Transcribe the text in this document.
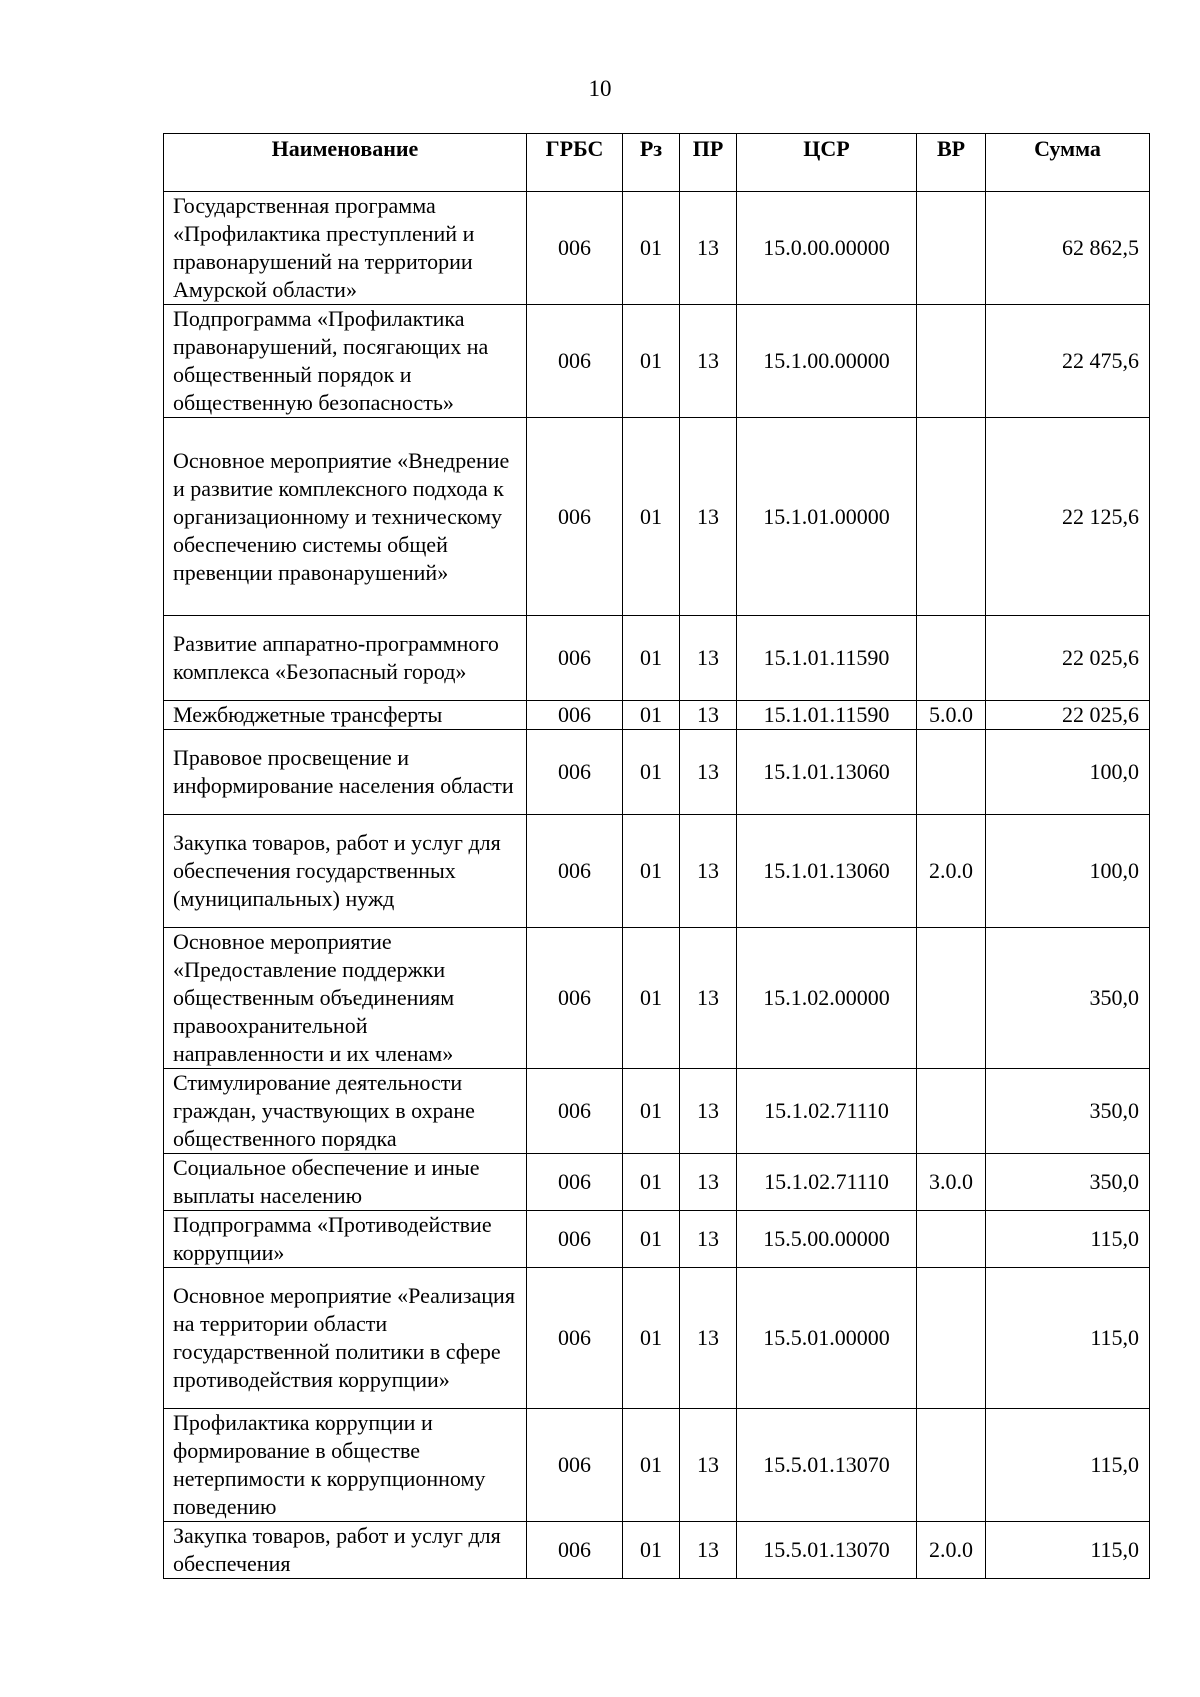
10
Наименование	ГРБС	Рз	ПР	ЦСР	ВР	Сумма
Государственная программа «Профилактика преступлений и правонарушений на территории Амурской области»	006	01	13	15.0.00.00000		62 862,5
Подпрограмма «Профилактика правонарушений, посягающих на общественный порядок и общественную безопасность»	006	01	13	15.1.00.00000		22 475,6
Основное мероприятие «Внедрение и развитие комплексного подхода к организационному и техническому обеспечению системы общей превенции правонарушений»	006	01	13	15.1.01.00000		22 125,6
Развитие аппаратно-программного комплекса «Безопасный город»	006	01	13	15.1.01.11590		22 025,6
Межбюджетные трансферты	006	01	13	15.1.01.11590	5.0.0	22 025,6
Правовое просвещение и информирование населения области	006	01	13	15.1.01.13060		100,0
Закупка товаров, работ и услуг для обеспечения государственных (муниципальных) нужд	006	01	13	15.1.01.13060	2.0.0	100,0
Основное мероприятие «Предоставление поддержки общественным объединениям правоохранительной направленности и их членам»	006	01	13	15.1.02.00000		350,0
Стимулирование деятельности граждан, участвующих в охране общественного порядка	006	01	13	15.1.02.71110		350,0
Социальное обеспечение и иные выплаты населению	006	01	13	15.1.02.71110	3.0.0	350,0
Подпрограмма «Противодействие коррупции»	006	01	13	15.5.00.00000		115,0
Основное мероприятие «Реализация на территории области государственной политики в сфере противодействия коррупции»	006	01	13	15.5.01.00000		115,0
Профилактика коррупции и формирование в обществе нетерпимости к коррупционному поведению	006	01	13	15.5.01.13070		115,0
Закупка товаров, работ и услуг для обеспечения	006	01	13	15.5.01.13070	2.0.0	115,0
